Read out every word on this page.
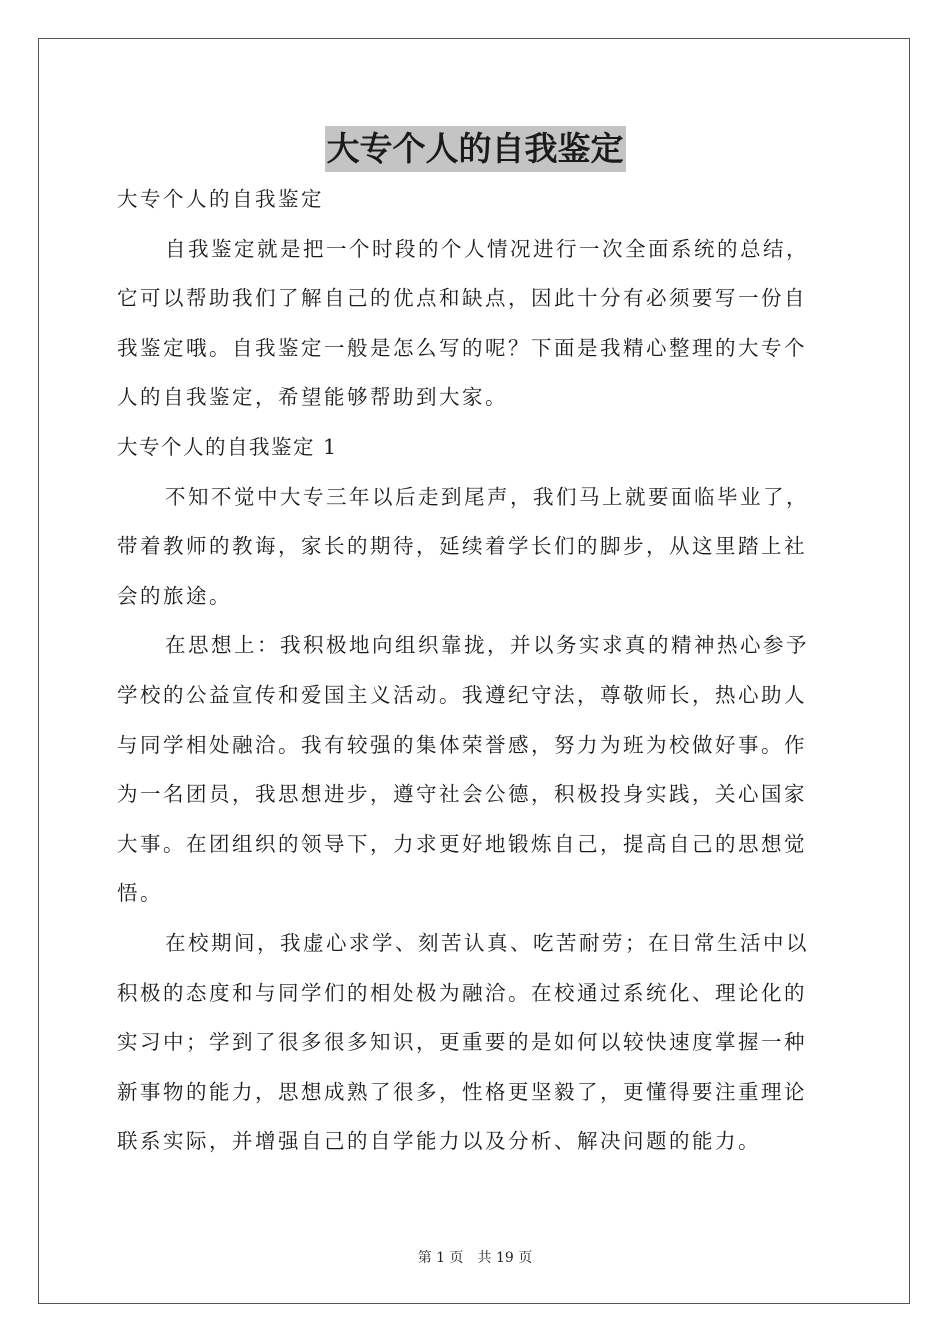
大专个人的自我鉴定

大专个人的自我鉴定

自我鉴定就是把一个时段的个人情况进行一次全面系统的总结，

它可以帮助我们了解自己的优点和缺点，因此十分有必须要写一份自

我鉴定哦。自我鉴定一般是怎么写的呢？下面是我精心整理的大专个

人的自我鉴定，希望能够帮助到大家。

大专个人的自我鉴定 1

不知不觉中大专三年以后走到尾声，我们马上就要面临毕业了，

带着教师的教诲，家长的期待，延续着学长们的脚步，从这里踏上社

会的旅途。

在思想上：我积极地向组织靠拢，并以务实求真的精神热心参予

学校的公益宣传和爱国主义活动。我遵纪守法，尊敬师长，热心助人

与同学相处融洽。我有较强的集体荣誉感，努力为班为校做好事。作

为一名团员，我思想进步，遵守社会公德，积极投身实践，关心国家

大事。在团组织的领导下，力求更好地锻炼自己，提高自己的思想觉

悟。

在校期间，我虚心求学、刻苦认真、吃苦耐劳；在日常生活中以

积极的态度和与同学们的相处极为融洽。在校通过系统化、理论化的

实习中；学到了很多很多知识，更重要的是如何以较快速度掌握一种

新事物的能力，思想成熟了很多，性格更坚毅了，更懂得要注重理论

联系实际，并增强自己的自学能力以及分析、解决问题的能力。

第 1 页 共 19 页
